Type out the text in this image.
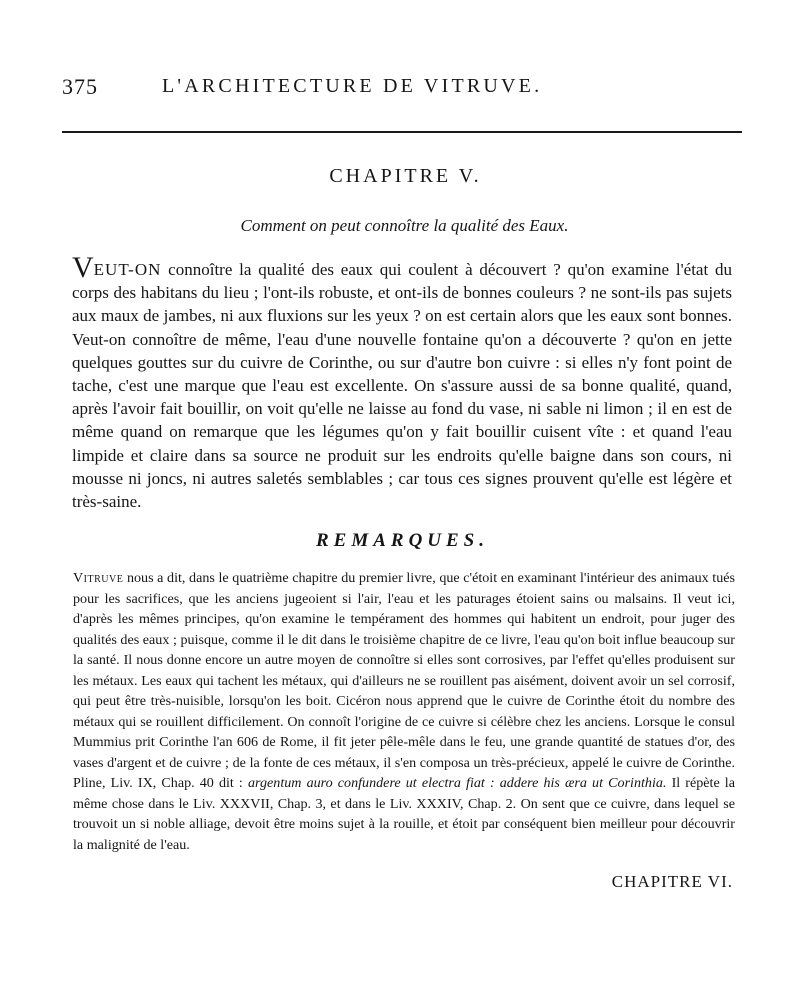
375	L'ARCHITECTURE DE VITRUVE.
CHAPITRE V.
Comment on peut connoître la qualité des Eaux.

VEUT-ON connoître la qualité des eaux qui coulent à découvert ? qu'on examine l'état du corps des habitans du lieu ; l'ont-ils robuste, et ont-ils de bonnes couleurs ? ne sont-ils pas sujets aux maux de jambes, ni aux fluxions sur les yeux ? on est certain alors que les eaux sont bonnes. Veut-on connoître de même, l'eau d'une nouvelle fontaine qu'on a découverte ? qu'on en jette quelques gouttes sur du cuivre de Corinthe, ou sur d'autre bon cuivre : si elles n'y font point de tache, c'est une marque que l'eau est excellente. On s'assure aussi de sa bonne qualité, quand, après l'avoir fait bouillir, on voit qu'elle ne laisse au fond du vase, ni sable ni limon ; il en est de même quand on remarque que les légumes qu'on y fait bouillir cuisent vîte : et quand l'eau limpide et claire dans sa source ne produit sur les endroits qu'elle baigne dans son cours, ni mousse ni joncs, ni autres saletés semblables ; car tous ces signes prouvent qu'elle est légère et très-saine.

REMARQUES.

Vitruve nous a dit, dans le quatrième chapitre du premier livre, que c'étoit en examinant l'intérieur des animaux tués pour les sacrifices, que les anciens jugeoient si l'air, l'eau et les paturages étoient sains ou malsains. Il veut ici, d'après les mêmes principes, qu'on examine le tempérament des hommes qui habitent un endroit, pour juger des qualités des eaux ; puisque, comme il le dit dans le troisième chapitre de ce livre, l'eau qu'on boit influe beaucoup sur la santé. Il nous donne encore un autre moyen de connoître si elles sont corrosives, par l'effet qu'elles produisent sur les métaux. Les eaux qui tachent les métaux, qui d'ailleurs ne se rouillent pas aisément, doivent avoir un sel corrosif, qui peut être très-nuisible, lorsqu'on les boit. Cicéron nous apprend que le cuivre de Corinthe étoit du nombre des métaux qui se rouillent difficilement. On connoît l'origine de ce cuivre si célèbre chez les anciens. Lorsque le consul Mummius prit Corinthe l'an 606 de Rome, il fit jeter pêle-mêle dans le feu, une grande quantité de statues d'or, des vases d'argent et de cuivre ; de la fonte de ces métaux, il s'en composa un très-précieux, appelé le cuivre de Corinthe. Pline, Liv. IX, Chap. 40 dit : argentum auro confundere ut electra fiat : addere his æra ut Corinthia. Il répète la même chose dans le Liv. XXXVII, Chap. 3, et dans le Liv. XXXIV, Chap. 2. On sent que ce cuivre, dans lequel se trouvoit un si noble alliage, devoit être moins sujet à la rouille, et étoit par conséquent bien meilleur pour découvrir la malignité de l'eau.

CHAPITRE VI.
